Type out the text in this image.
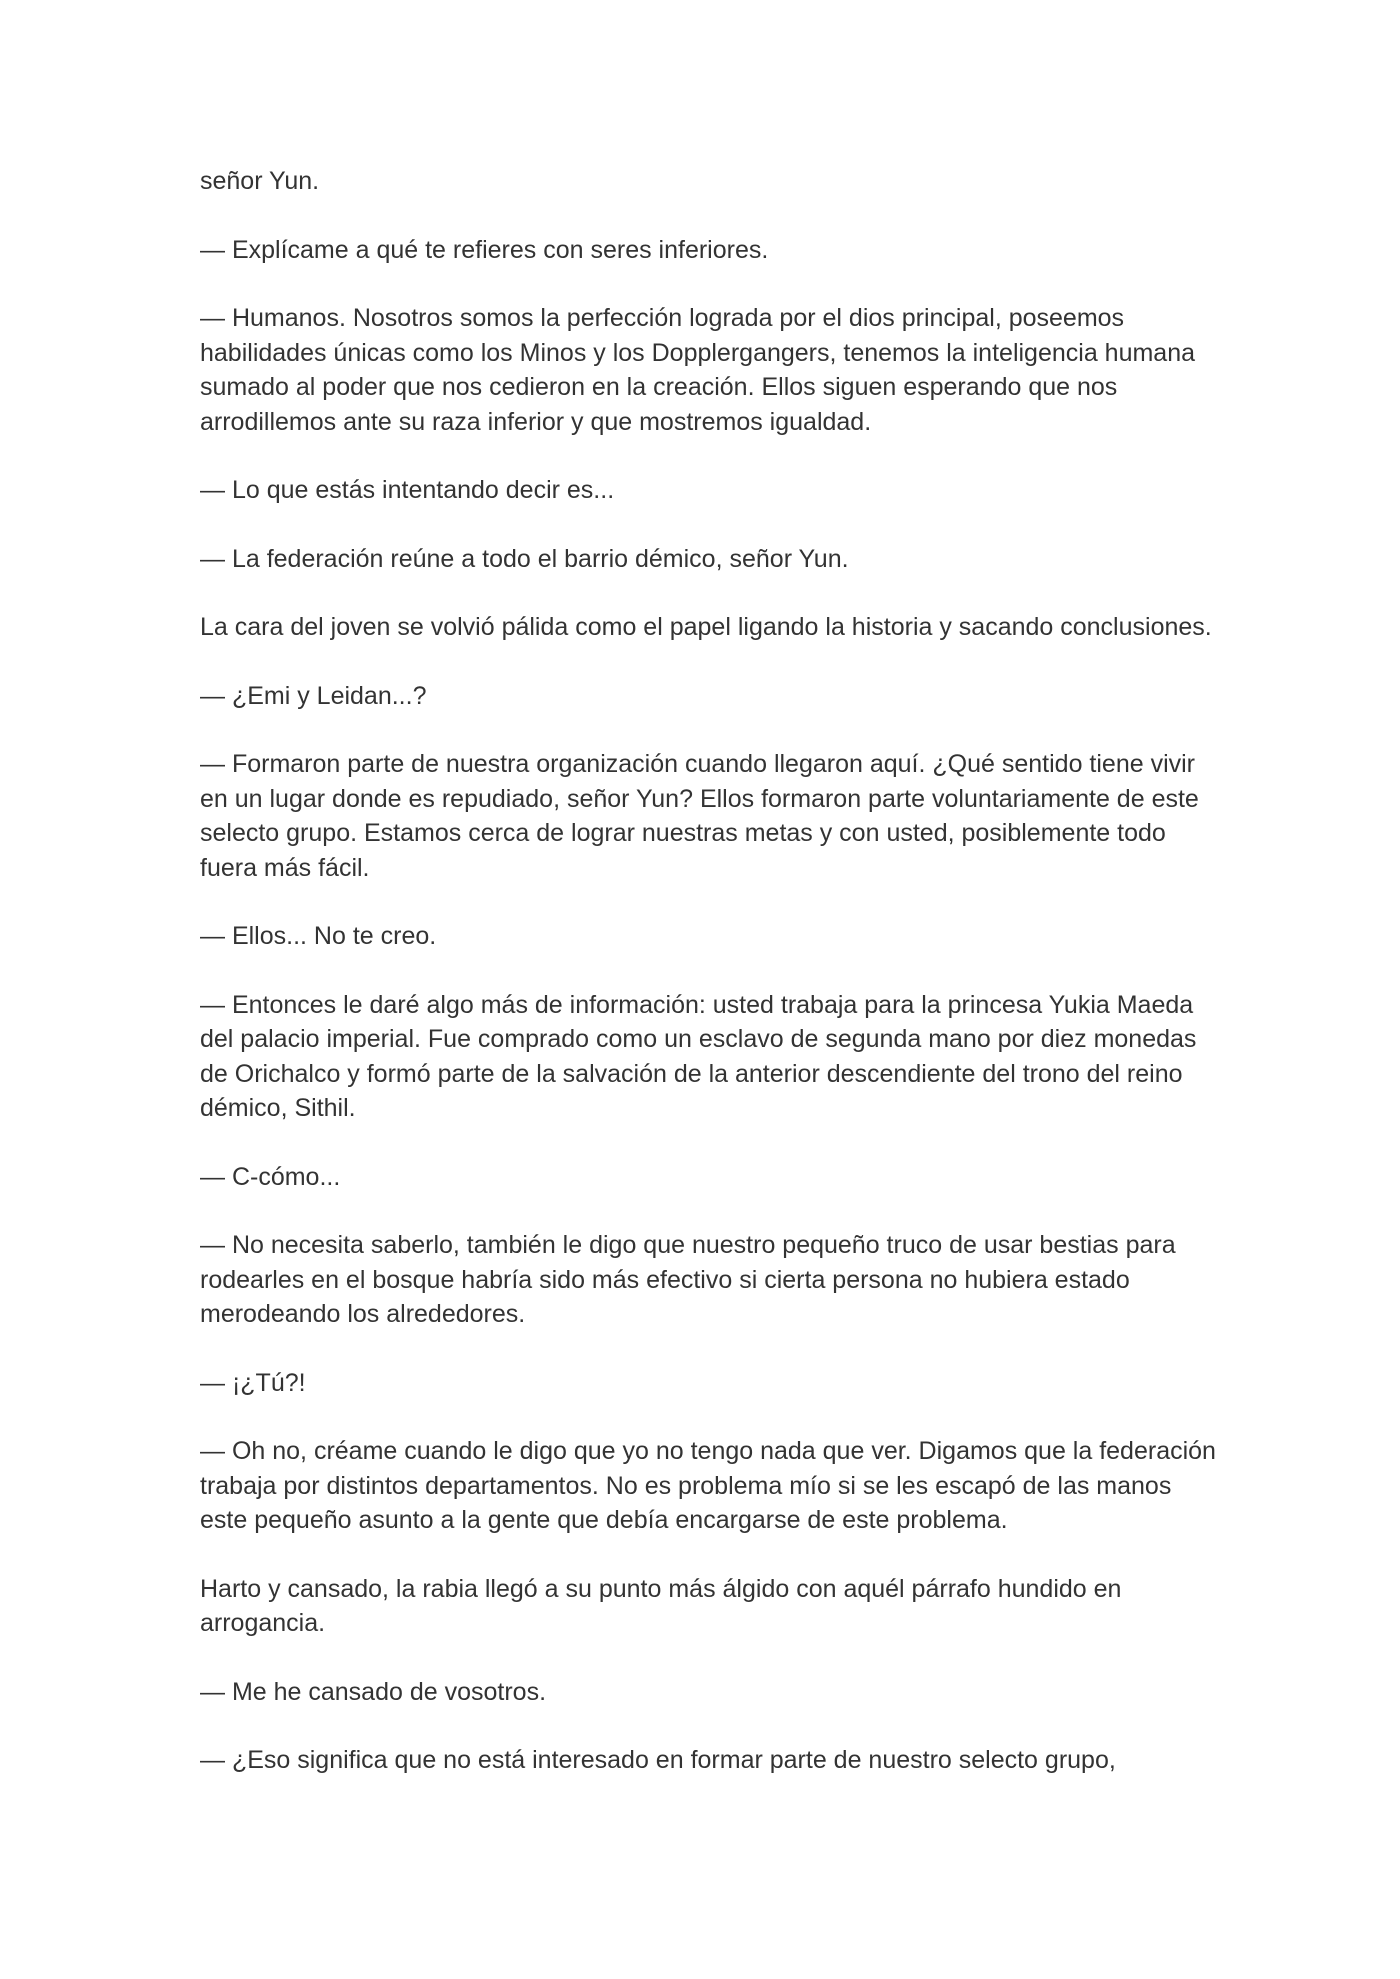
señor Yun.

— Explícame a qué te refieres con seres inferiores.

— Humanos. Nosotros somos la perfección lograda por el dios principal, poseemos habilidades únicas como los Minos y los Dopplergangers, tenemos la inteligencia humana sumado al poder que nos cedieron en la creación. Ellos siguen esperando que nos arrodillemos ante su raza inferior y que mostremos igualdad.

— Lo que estás intentando decir es...

— La federación reúne a todo el barrio démico, señor Yun.

La cara del joven se volvió pálida como el papel ligando la historia y sacando conclusiones.

— ¿Emi y Leidan...?

— Formaron parte de nuestra organización cuando llegaron aquí. ¿Qué sentido tiene vivir en un lugar donde es repudiado, señor Yun? Ellos formaron parte voluntariamente de este selecto grupo. Estamos cerca de lograr nuestras metas y con usted, posiblemente todo fuera más fácil.

— Ellos... No te creo.

— Entonces le daré algo más de información: usted trabaja para la princesa Yukia Maeda del palacio imperial. Fue comprado como un esclavo de segunda mano por diez monedas de Orichalco y formó parte de la salvación de la anterior descendiente del trono del reino démico, Sithil.

— C-cómo...

— No necesita saberlo, también le digo que nuestro pequeño truco de usar bestias para rodearles en el bosque habría sido más efectivo si cierta persona no hubiera estado merodeando los alrededores.

— ¡¿Tú?!

— Oh no, créame cuando le digo que yo no tengo nada que ver. Digamos que la federación trabaja por distintos departamentos. No es problema mío si se les escapó de las manos este pequeño asunto a la gente que debía encargarse de este problema.

Harto y cansado, la rabia llegó a su punto más álgido con aquél párrafo hundido en arrogancia.

— Me he cansado de vosotros.

— ¿Eso significa que no está interesado en formar parte de nuestro selecto grupo,
